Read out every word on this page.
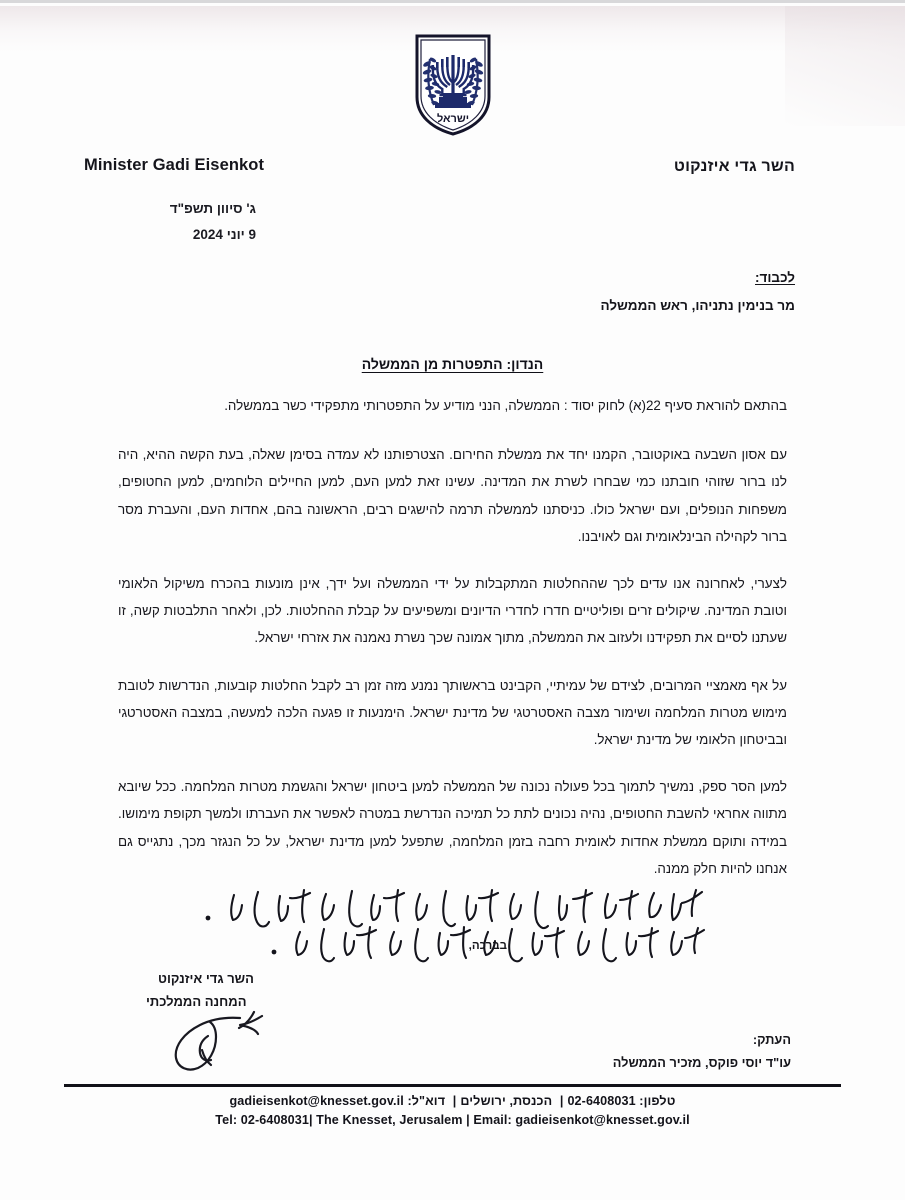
ישראל
השר גדי איזנקוט
Minister Gadi Eisenkot
ג' סיוון תשפ"ד
9 יוני 2024
לכבוד:
מר בנימין נתניהו, ראש הממשלה
הנדון: התפטרות מן הממשלה

בהתאם להוראת סעיף 22(א) לחוק יסוד : הממשלה, הנני מודיע על התפטרותי מתפקידי כשר בממשלה.

עם אסון השבעה באוקטובר, הקמנו יחד את ממשלת החירום. הצטרפותנו לא עמדה בסימן שאלה, בעת הקשה ההיא, היה לנו ברור שזוהי חובתנו כמי שבחרו לשרת את המדינה. עשינו זאת למען העם, למען החיילים הלוחמים, למען החטופים, משפחות הנופלים, ועם ישראל כולו. כניסתנו לממשלה תרמה להישגים רבים, הראשונה בהם, אחדות העם, והעברת מסר ברור לקהילה הבינלאומית וגם לאויבנו.

לצערי, לאחרונה אנו עדים לכך שההחלטות המתקבלות על ידי הממשלה ועל ידך, אינן מונעות בהכרח משיקול הלאומי וטובת המדינה. שיקולים זרים ופוליטיים חדרו לחדרי הדיונים ומשפיעים על קבלת ההחלטות. לכן, ולאחר התלבטות קשה, זו שעתנו לסיים את תפקידנו ולעזוב את הממשלה, מתוך אמונה שכך נשרת נאמנה את אזרחי ישראל.

על אף מאמציי המרובים, לצידם של עמיתיי, הקבינט בראשותך נמנע מזה זמן רב לקבל החלטות קובעות, הנדרשות לטובת מימוש מטרות המלחמה ושימור מצבה האסטרטגי של מדינת ישראל. הימנעות זו פגעה הלכה למעשה, במצבה האסטרטגי ובביטחון הלאומי של מדינת ישראל.

למען הסר ספק, נמשיך לתמוך בכל פעולה נכונה של הממשלה למען ביטחון ישראל והגשמת מטרות המלחמה. ככל שיובא מתווה אחראי להשבת החטופים, נהיה נכונים לתת כל תמיכה הנדרשת במטרה לאפשר את העברתו ולמשך תקופת מימושו. במידה ותוקם ממשלת אחדות לאומית רחבה בזמן המלחמה, שתפעל למען מדינת ישראל, על כל הנגזר מכך, נתגייס גם אנחנו להיות חלק ממנה.

בברכה,
השר גדי איזנקוט
המחנה הממלכתי
העתק:
עו"ד יוסי פוקס, מזכיר הממשלה
טלפון: 02-6408031| הכנסת, ירושלים| דוא"ל: gadieisenkot@knesset.gov.il
Tel: 02-6408031| The Knesset, Jerusalem | Email: gadieisenkot@knesset.gov.il
